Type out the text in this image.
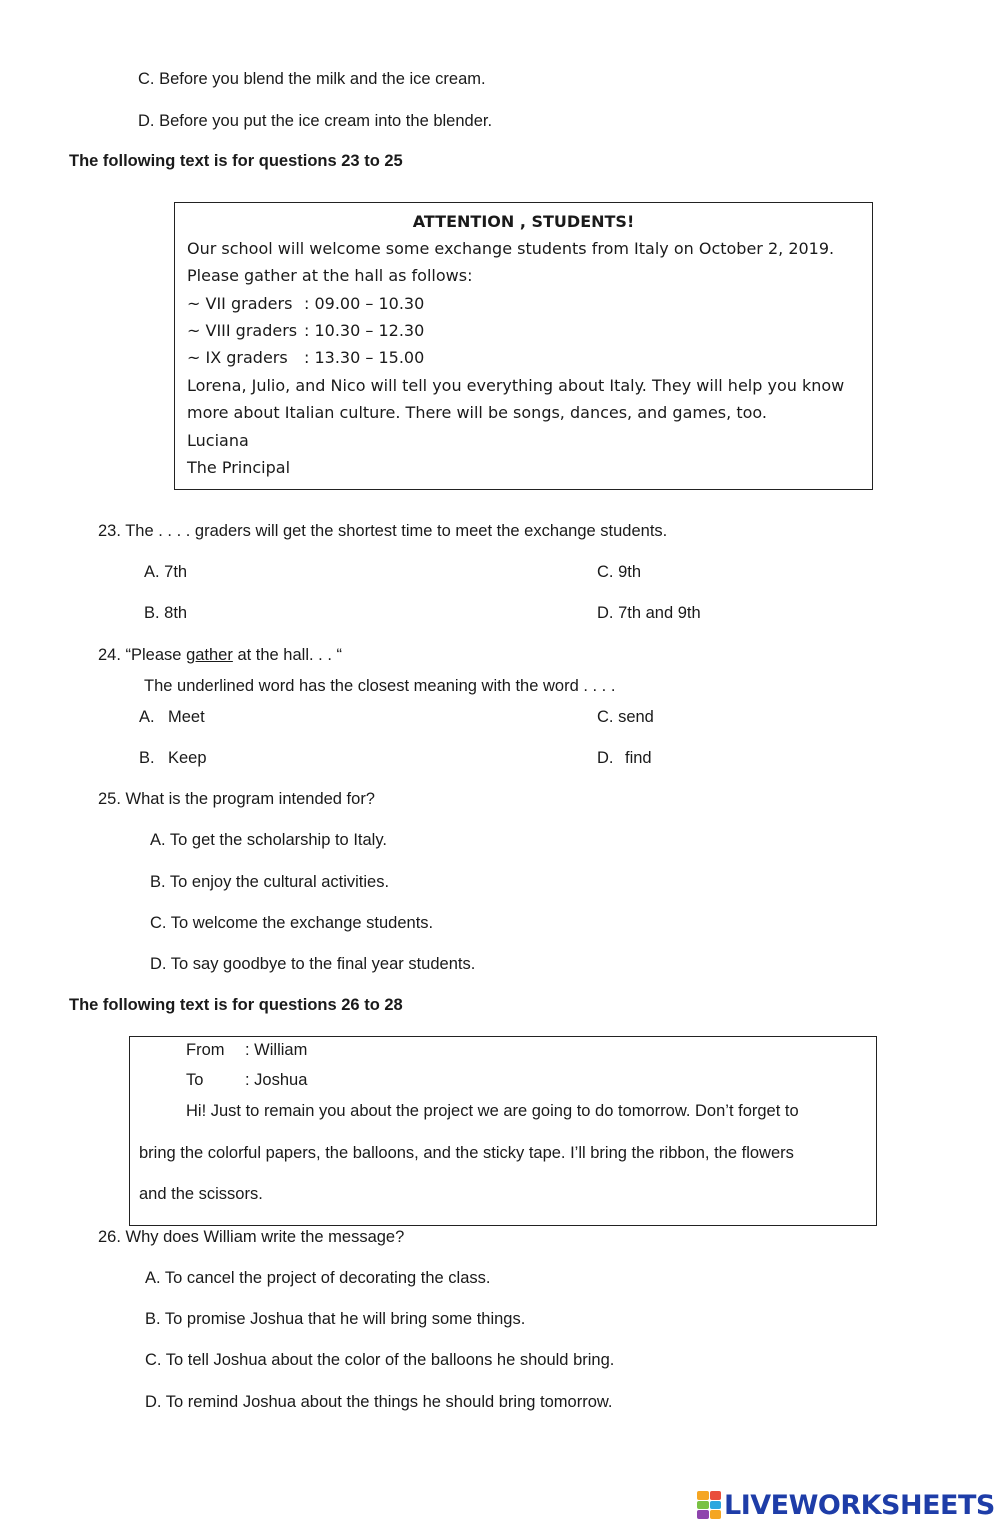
C. Before you blend the milk and the ice cream.
D. Before you put the ice cream into the blender.
The following text is for questions 23 to 25
ATTENTION , STUDENTS!
Our school will welcome some exchange students from Italy on October 2, 2019.
Please gather at the hall as follows:
~ VII graders : 09.00 – 10.30
~ VIII graders : 10.30 – 12.30
~ IX graders : 13.30 – 15.00
Lorena, Julio, and Nico will tell you everything about Italy. They will help you know
more about Italian culture. There will be songs, dances, and games, too.
Luciana
The Principal
23. The . . . . graders will get the shortest time to meet the exchange students.
A. 7th	C. 9th
B. 8th	D. 7th and 9th
24. “Please gather at the hall. . . “
The underlined word has the closest meaning with the word . . . .
A. Meet	C. send
B. Keep	D. find
25. What is the program intended for?
A. To get the scholarship to Italy.
B. To enjoy the cultural activities.
C. To welcome the exchange students.
D. To say goodbye to the final year students.
The following text is for questions 26 to 28
From : William
To	: Joshua
Hi! Just to remain you about the project we are going to do tomorrow. Don’t forget to
bring the colorful papers, the balloons, and the sticky tape. I’ll bring the ribbon, the flowers
and the scissors.
26. Why does William write the message?
A. To cancel the project of decorating the class.
B. To promise Joshua that he will bring some things.
C. To tell Joshua about the color of the balloons he should bring.
D. To remind Joshua about the things he should bring tomorrow.
LIVEWORKSHEETS
